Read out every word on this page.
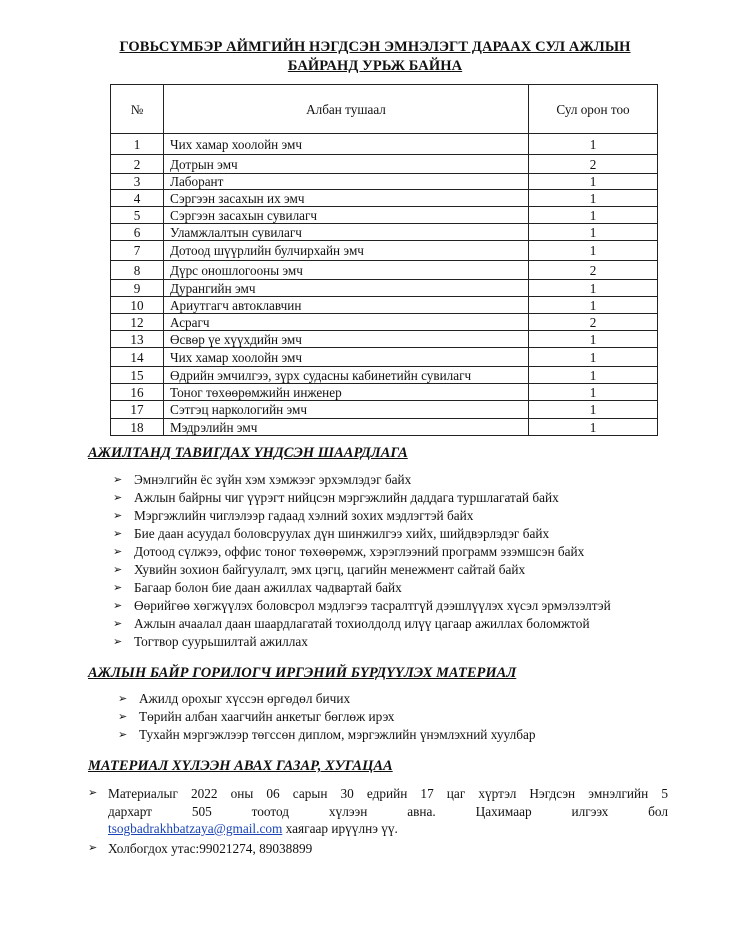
ГОВЬСҮМБЭР АЙМГИЙН НЭГДСЭН ЭМНЭЛЭГТ ДАРААХ СУЛ АЖЛЫН
БАЙРАНД УРЬЖ БАЙНА
№	Албан тушаал	Сул орон тоо
1	Чих хамар хоолойн эмч	1
2	Дотрын эмч	2
3	Лаборант	1
4	Сэргээн засахын их эмч	1
5	Сэргээн засахын сувилагч	1
6	Уламжлалтын сувилагч	1
7	Дотоод шүүрлийн булчирхайн эмч	1
8	Дүрс оношлогооны эмч	2
9	Дурангийн эмч	1
10	Ариутгагч автоклавчин	1
12	Асрагч	2
13	Өсвөр үе хүүхдийн эмч	1
14	Чих хамар хоолойн эмч	1
15	Өдрийн эмчилгээ, зүрх судасны кабинетийн сувилагч	1
16	Тоног төхөөрөмжийн инженер	1
17	Сэтгэц наркологийн эмч	1
18	Мэдрэлийн эмч	1
АЖИЛТАНД ТАВИГДАХ ҮНДСЭН ШААРДЛАГА
➢ Эмнэлгийн ёс зүйн хэм хэмжээг эрхэмлэдэг байх
➢ Ажлын байрны чиг үүрэгт нийцсэн мэргэжлийн даддага туршлагатай байх
➢ Мэргэжлийн чиглэлээр гадаад хэлний зохих мэдлэгтэй байх
➢ Бие даан асуудал боловсруулах дүн шинжилгээ хийх, шийдвэрлэдэг байх
➢ Дотоод сүлжээ, оффис тоног төхөөрөмж, хэрэглээний программ эзэмшсэн байх
➢ Хувийн зохион байгуулалт, эмх цэгц, цагийн менежмент сайтай байх
➢ Багаар болон бие даан ажиллах чадвартай байх
➢ Өөрийгөө хөгжүүлэх боловсрол мэдлэгээ тасралтгүй дээшлүүлэх хүсэл эрмэлзэлтэй
➢ Ажлын ачаалал даан шаардлагатай тохиолдолд илүү цагаар ажиллах боломжтой
➢ Тогтвор суурьшилтай ажиллах
АЖЛЫН БАЙР ГОРИЛОГЧ ИРГЭНИЙ БҮРДҮҮЛЭХ МАТЕРИАЛ
➢ Ажилд орохыг хүссэн өргөдөл бичих
➢ Төрийн албан хаагчийн анкетыг бөглөж ирэх
➢ Тухайн мэргэжлээр төгссөн диплом, мэргэжлийн үнэмлэхний хуулбар
МАТЕРИАЛ ХҮЛЭЭН АВАХ ГАЗАР, ХУГАЦАА
➢ Материалыг 2022 оны 06 сарын 30 едрийн 17 цаг хүртэл Нэгдсэн эмнэлгийн 5
дархарт          505          тоотод          хүлээн          авна.          Цахимаар          илгээх          бол
tsogbadrakhbatzaya@gmail.com хаягаар ирүүлнэ үү.
➢ Холбогдох утас:99021274, 89038899
